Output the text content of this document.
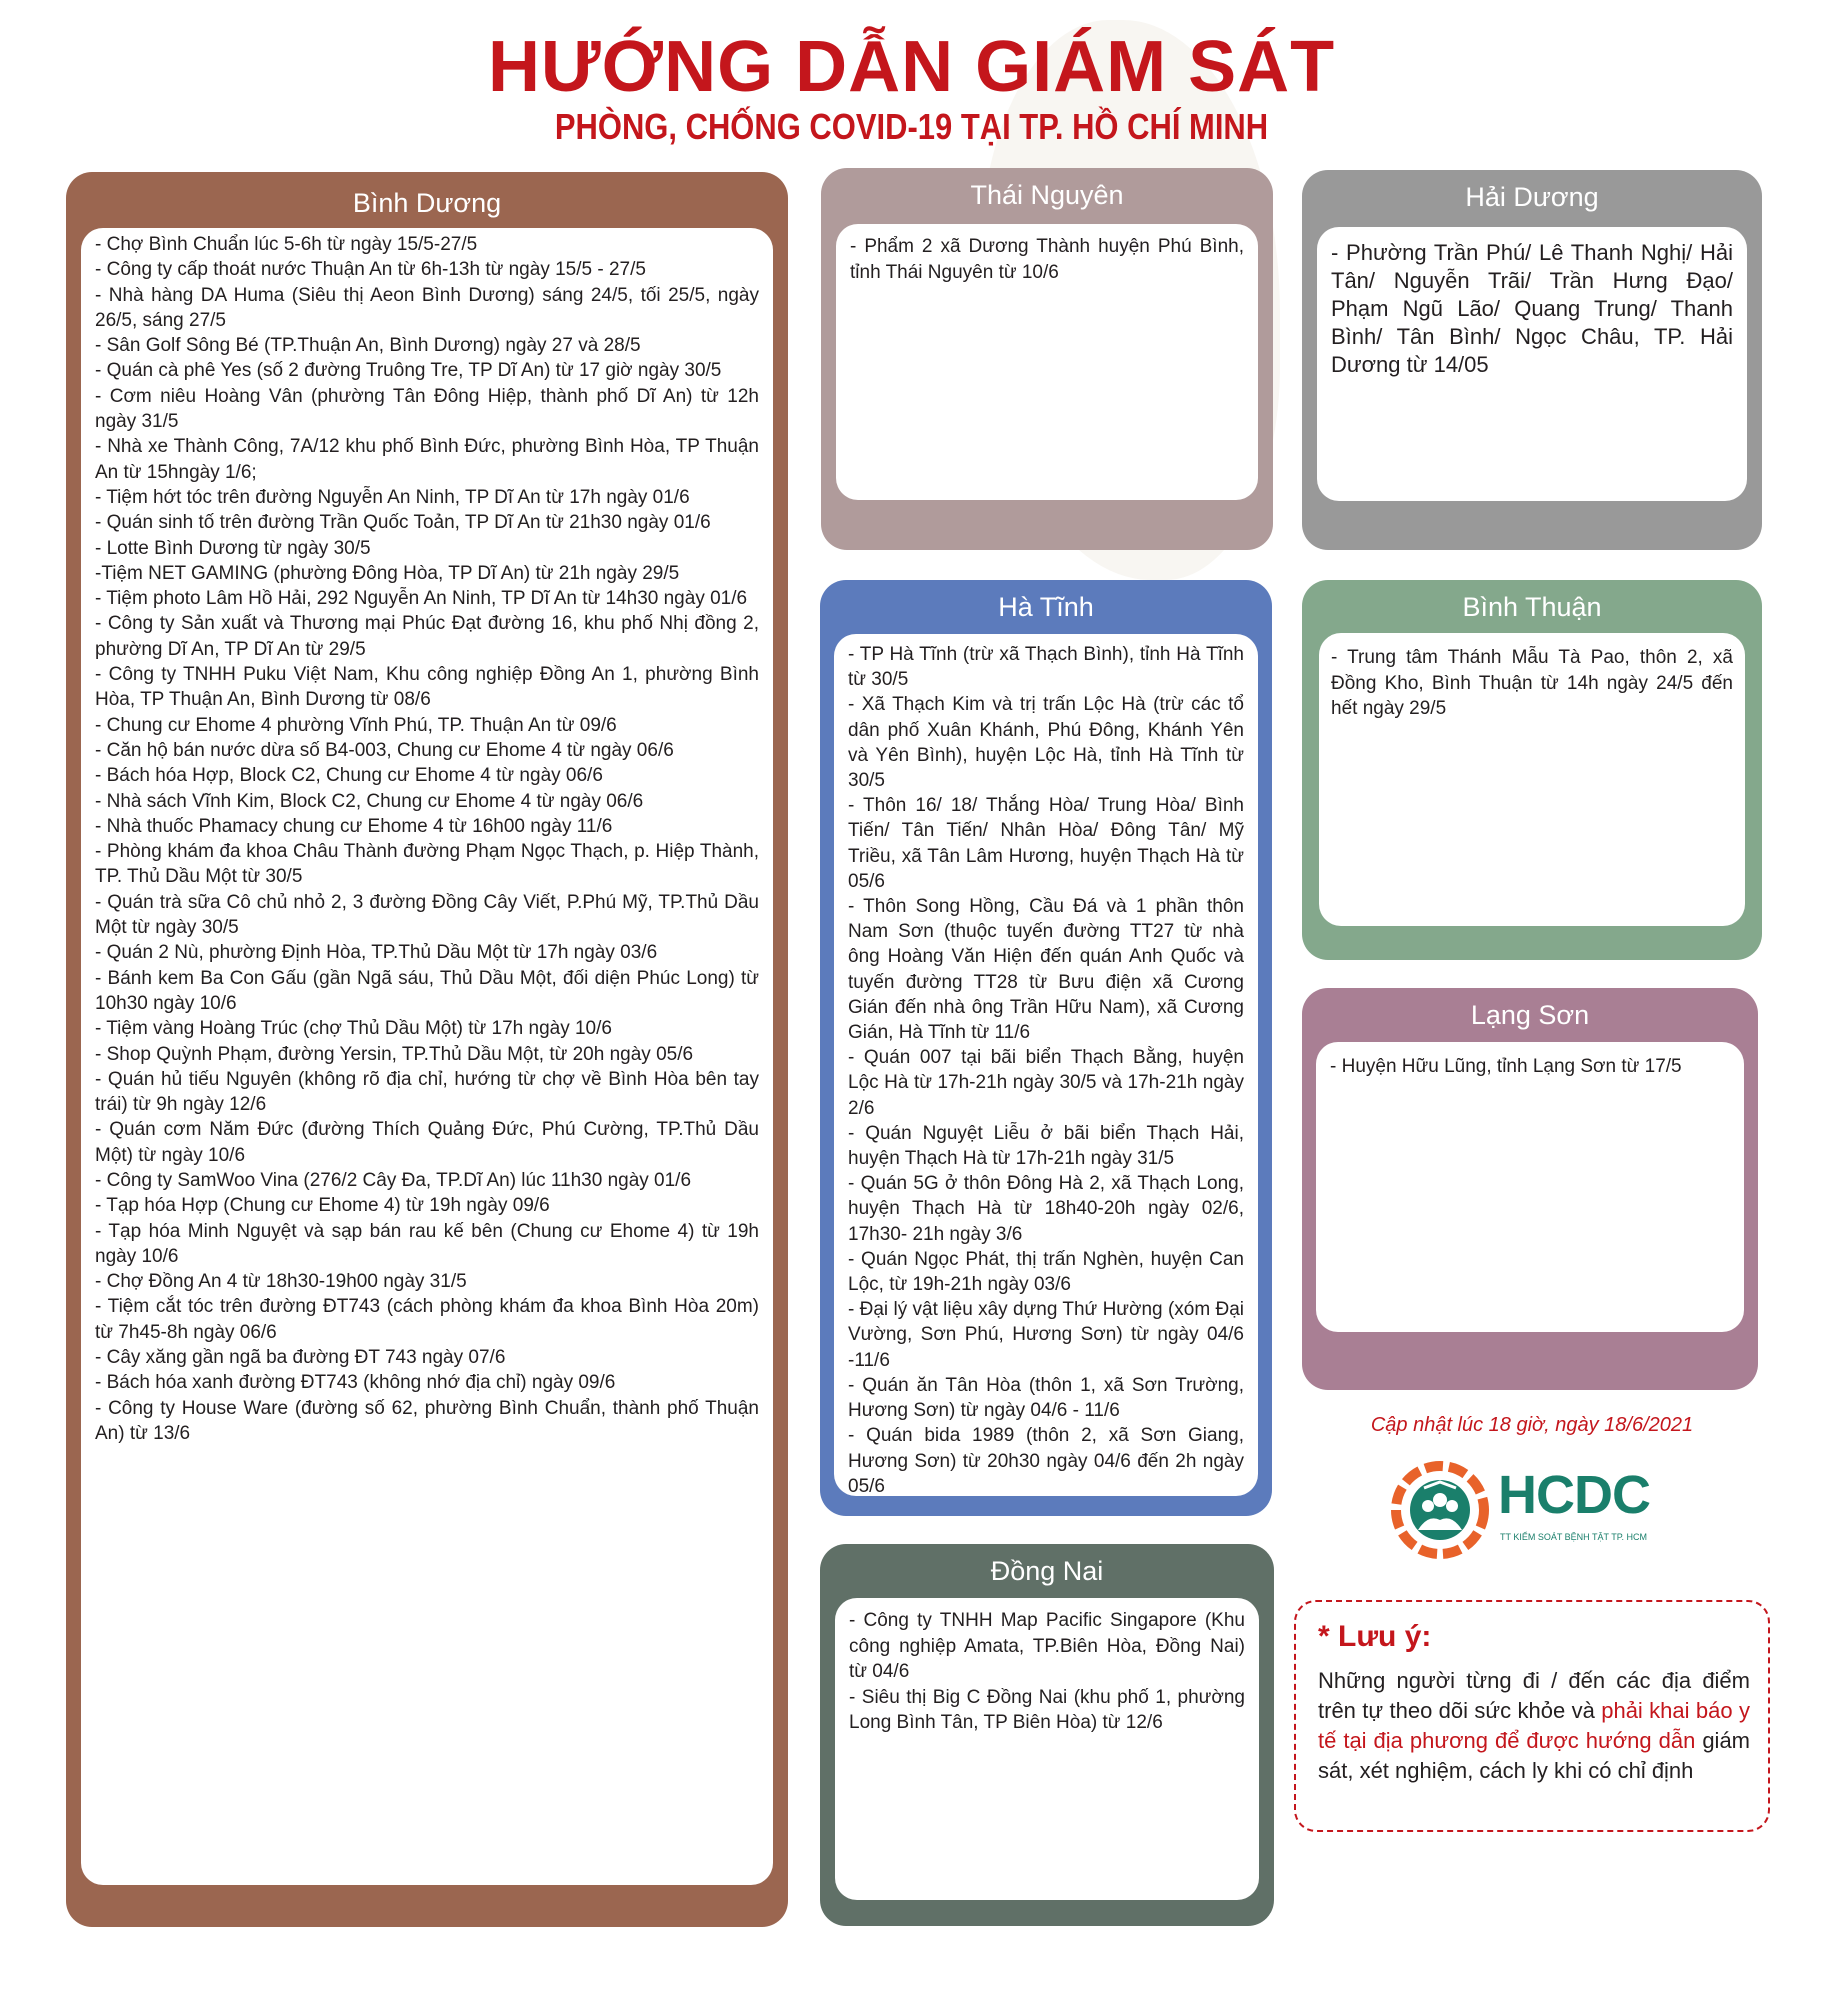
HƯỚNG DẪN GIÁM SÁT
PHÒNG, CHỐNG COVID-19 TẠI TP. HỒ CHÍ MINH
Bình Dương
- Chợ Bình Chuẩn lúc 5-6h từ ngày 15/5-27/5
- Công ty cấp thoát nước Thuận An từ 6h-13h từ ngày 15/5 - 27/5
- Nhà hàng DA Huma (Siêu thị Aeon Bình Dương) sáng 24/5, tối 25/5, ngày 26/5, sáng 27/5
- Sân Golf Sông Bé (TP.Thuận An, Bình Dương) ngày 27 và 28/5
- Quán cà phê Yes (số 2 đường Truông Tre, TP Dĩ An) từ 17 giờ ngày 30/5
- Cơm niêu Hoàng Vân (phường Tân Đông Hiệp, thành phố Dĩ An) từ 12h ngày 31/5
- Nhà xe Thành Công, 7A/12 khu phố Bình Đức, phường Bình Hòa, TP Thuận An từ 15hngày 1/6;
- Tiệm hớt tóc trên đường Nguyễn An Ninh, TP Dĩ An từ 17h ngày 01/6
- Quán sinh tố trên đường Trần Quốc Toản, TP Dĩ An từ 21h30 ngày 01/6
- Lotte Bình Dương từ ngày 30/5
-Tiệm NET GAMING (phường Đông Hòa, TP Dĩ An) từ 21h ngày 29/5
- Tiệm photo Lâm Hồ Hải, 292 Nguyễn An Ninh, TP Dĩ An từ 14h30 ngày 01/6
- Công ty Sản xuất và Thương mại Phúc Đạt đường 16, khu phố Nhị đồng 2, phường Dĩ An, TP Dĩ An từ 29/5
- Công ty TNHH Puku Việt Nam, Khu công nghiệp Đồng An 1, phường Bình Hòa, TP Thuận An, Bình Dương từ 08/6
- Chung cư Ehome 4 phường Vĩnh Phú, TP. Thuận An từ 09/6
- Căn hộ bán nước dừa số B4-003, Chung cư Ehome 4 từ ngày 06/6
- Bách hóa Hợp, Block C2, Chung cư Ehome 4 từ ngày 06/6
- Nhà sách Vĩnh Kim, Block C2, Chung cư Ehome 4 từ ngày 06/6
- Nhà thuốc Phamacy chung cư Ehome 4 từ 16h00 ngày 11/6
- Phòng khám đa khoa Châu Thành đường Phạm Ngọc Thạch, p. Hiệp Thành, TP. Thủ Dầu Một từ 30/5
- Quán trà sữa Cô chủ nhỏ 2, 3 đường Đồng Cây Viết, P.Phú Mỹ, TP.Thủ Dầu Một từ ngày 30/5
- Quán 2 Nù, phường Định Hòa, TP.Thủ Dầu Một từ 17h ngày 03/6
- Bánh kem Ba Con Gấu (gần Ngã sáu, Thủ Dầu Một, đối diện Phúc Long) từ 10h30 ngày 10/6
- Tiệm vàng Hoàng Trúc (chợ Thủ Dầu Một) từ 17h ngày 10/6
- Shop Quỳnh Phạm, đường Yersin, TP.Thủ Dầu Một, từ 20h ngày 05/6
- Quán hủ tiếu Nguyên (không rõ địa chỉ, hướng từ chợ về Bình Hòa bên tay trái) từ 9h ngày 12/6
- Quán cơm Năm Đức (đường Thích Quảng Đức, Phú Cường, TP.Thủ Dầu Một) từ ngày 10/6
- Công ty SamWoo Vina (276/2 Cây Đa, TP.Dĩ An) lúc 11h30 ngày 01/6
- Tạp hóa Hợp (Chung cư Ehome 4) từ 19h ngày 09/6
- Tạp hóa Minh Nguyệt và sạp bán rau kế bên (Chung cư Ehome 4) từ 19h ngày 10/6
- Chợ Đồng An 4 từ 18h30-19h00 ngày 31/5
- Tiệm cắt tóc trên đường ĐT743 (cách phòng khám đa khoa Bình Hòa 20m) từ 7h45-8h ngày 06/6
- Cây xăng gần ngã ba đường ĐT 743 ngày 07/6
- Bách hóa xanh đường ĐT743 (không nhớ địa chỉ) ngày 09/6
- Công ty House Ware (đường số 62, phường Bình Chuẩn, thành phố Thuận An) từ 13/6
Thái Nguyên
- Phẩm 2 xã Dương Thành huyện Phú Bình, tỉnh Thái Nguyên từ 10/6
Hải Dương
- Phường Trần Phú/ Lê Thanh Nghị/ Hải Tân/ Nguyễn Trãi/ Trần Hưng Đạo/ Phạm Ngũ Lão/ Quang Trung/ Thanh Bình/ Tân Bình/ Ngọc Châu, TP. Hải Dương từ 14/05
Hà Tĩnh
- TP Hà Tĩnh (trừ xã Thạch Bình), tỉnh Hà Tĩnh từ 30/5
- Xã Thạch Kim và trị trấn Lộc Hà (trừ các tổ dân phố Xuân Khánh, Phú Đông, Khánh Yên và Yên Bình), huyện Lộc Hà, tỉnh Hà Tĩnh từ 30/5
- Thôn 16/ 18/ Thắng Hòa/ Trung Hòa/ Bình Tiến/ Tân Tiến/ Nhân Hòa/ Đông Tân/ Mỹ Triều, xã Tân Lâm Hương, huyện Thạch Hà từ 05/6
- Thôn Song Hồng, Cầu Đá và 1 phần thôn Nam Sơn (thuộc tuyến đường TT27 từ nhà ông Hoàng Văn Hiện đến quán Anh Quốc và tuyến đường TT28 từ Bưu điện xã Cương Gián đến nhà ông Trần Hữu Nam), xã Cương Gián, Hà Tĩnh từ 11/6
- Quán 007 tại bãi biển Thạch Bằng, huyện Lộc Hà từ 17h-21h ngày 30/5 và 17h-21h ngày 2/6
- Quán Nguyệt Liễu ở bãi biển Thạch Hải, huyện Thạch Hà từ 17h-21h ngày 31/5
- Quán 5G ở thôn Đông Hà 2, xã Thạch Long, huyện Thạch Hà từ 18h40-20h ngày 02/6, 17h30- 21h ngày 3/6
- Quán Ngọc Phát, thị trấn Nghèn, huyện Can Lộc, từ 19h-21h ngày 03/6
- Đại lý vật liệu xây dựng Thứ Hường (xóm Đại Vường, Sơn Phú, Hương Sơn) từ ngày 04/6 -11/6
- Quán ăn Tân Hòa (thôn 1, xã Sơn Trường, Hương Sơn) từ ngày 04/6 - 11/6
- Quán bida 1989 (thôn 2, xã Sơn Giang, Hương Sơn) từ 20h30 ngày 04/6 đến 2h ngày 05/6
Bình Thuận
- Trung tâm Thánh Mẫu Tà Pao, thôn 2, xã Đồng Kho, Bình Thuận từ 14h ngày 24/5 đến hết ngày 29/5
Lạng Sơn
- Huyện Hữu Lũng, tỉnh Lạng Sơn từ 17/5
Đồng Nai
- Công ty TNHH Map Pacific Singapore (Khu công nghiệp Amata, TP.Biên Hòa, Đồng Nai) từ 04/6
- Siêu thị Big C Đồng Nai (khu phố 1, phường Long Bình Tân, TP Biên Hòa) từ 12/6
Cập nhật lúc 18 giờ, ngày 18/6/2021
HCDC
TT KIỂM SOÁT BỆNH TẬT TP. HCM
* Lưu ý:
Những người từng đi / đến các địa điểm trên tự theo dõi sức khỏe và phải khai báo y tế tại địa phương để được hướng dẫn giám sát, xét nghiệm, cách ly khi có chỉ định
